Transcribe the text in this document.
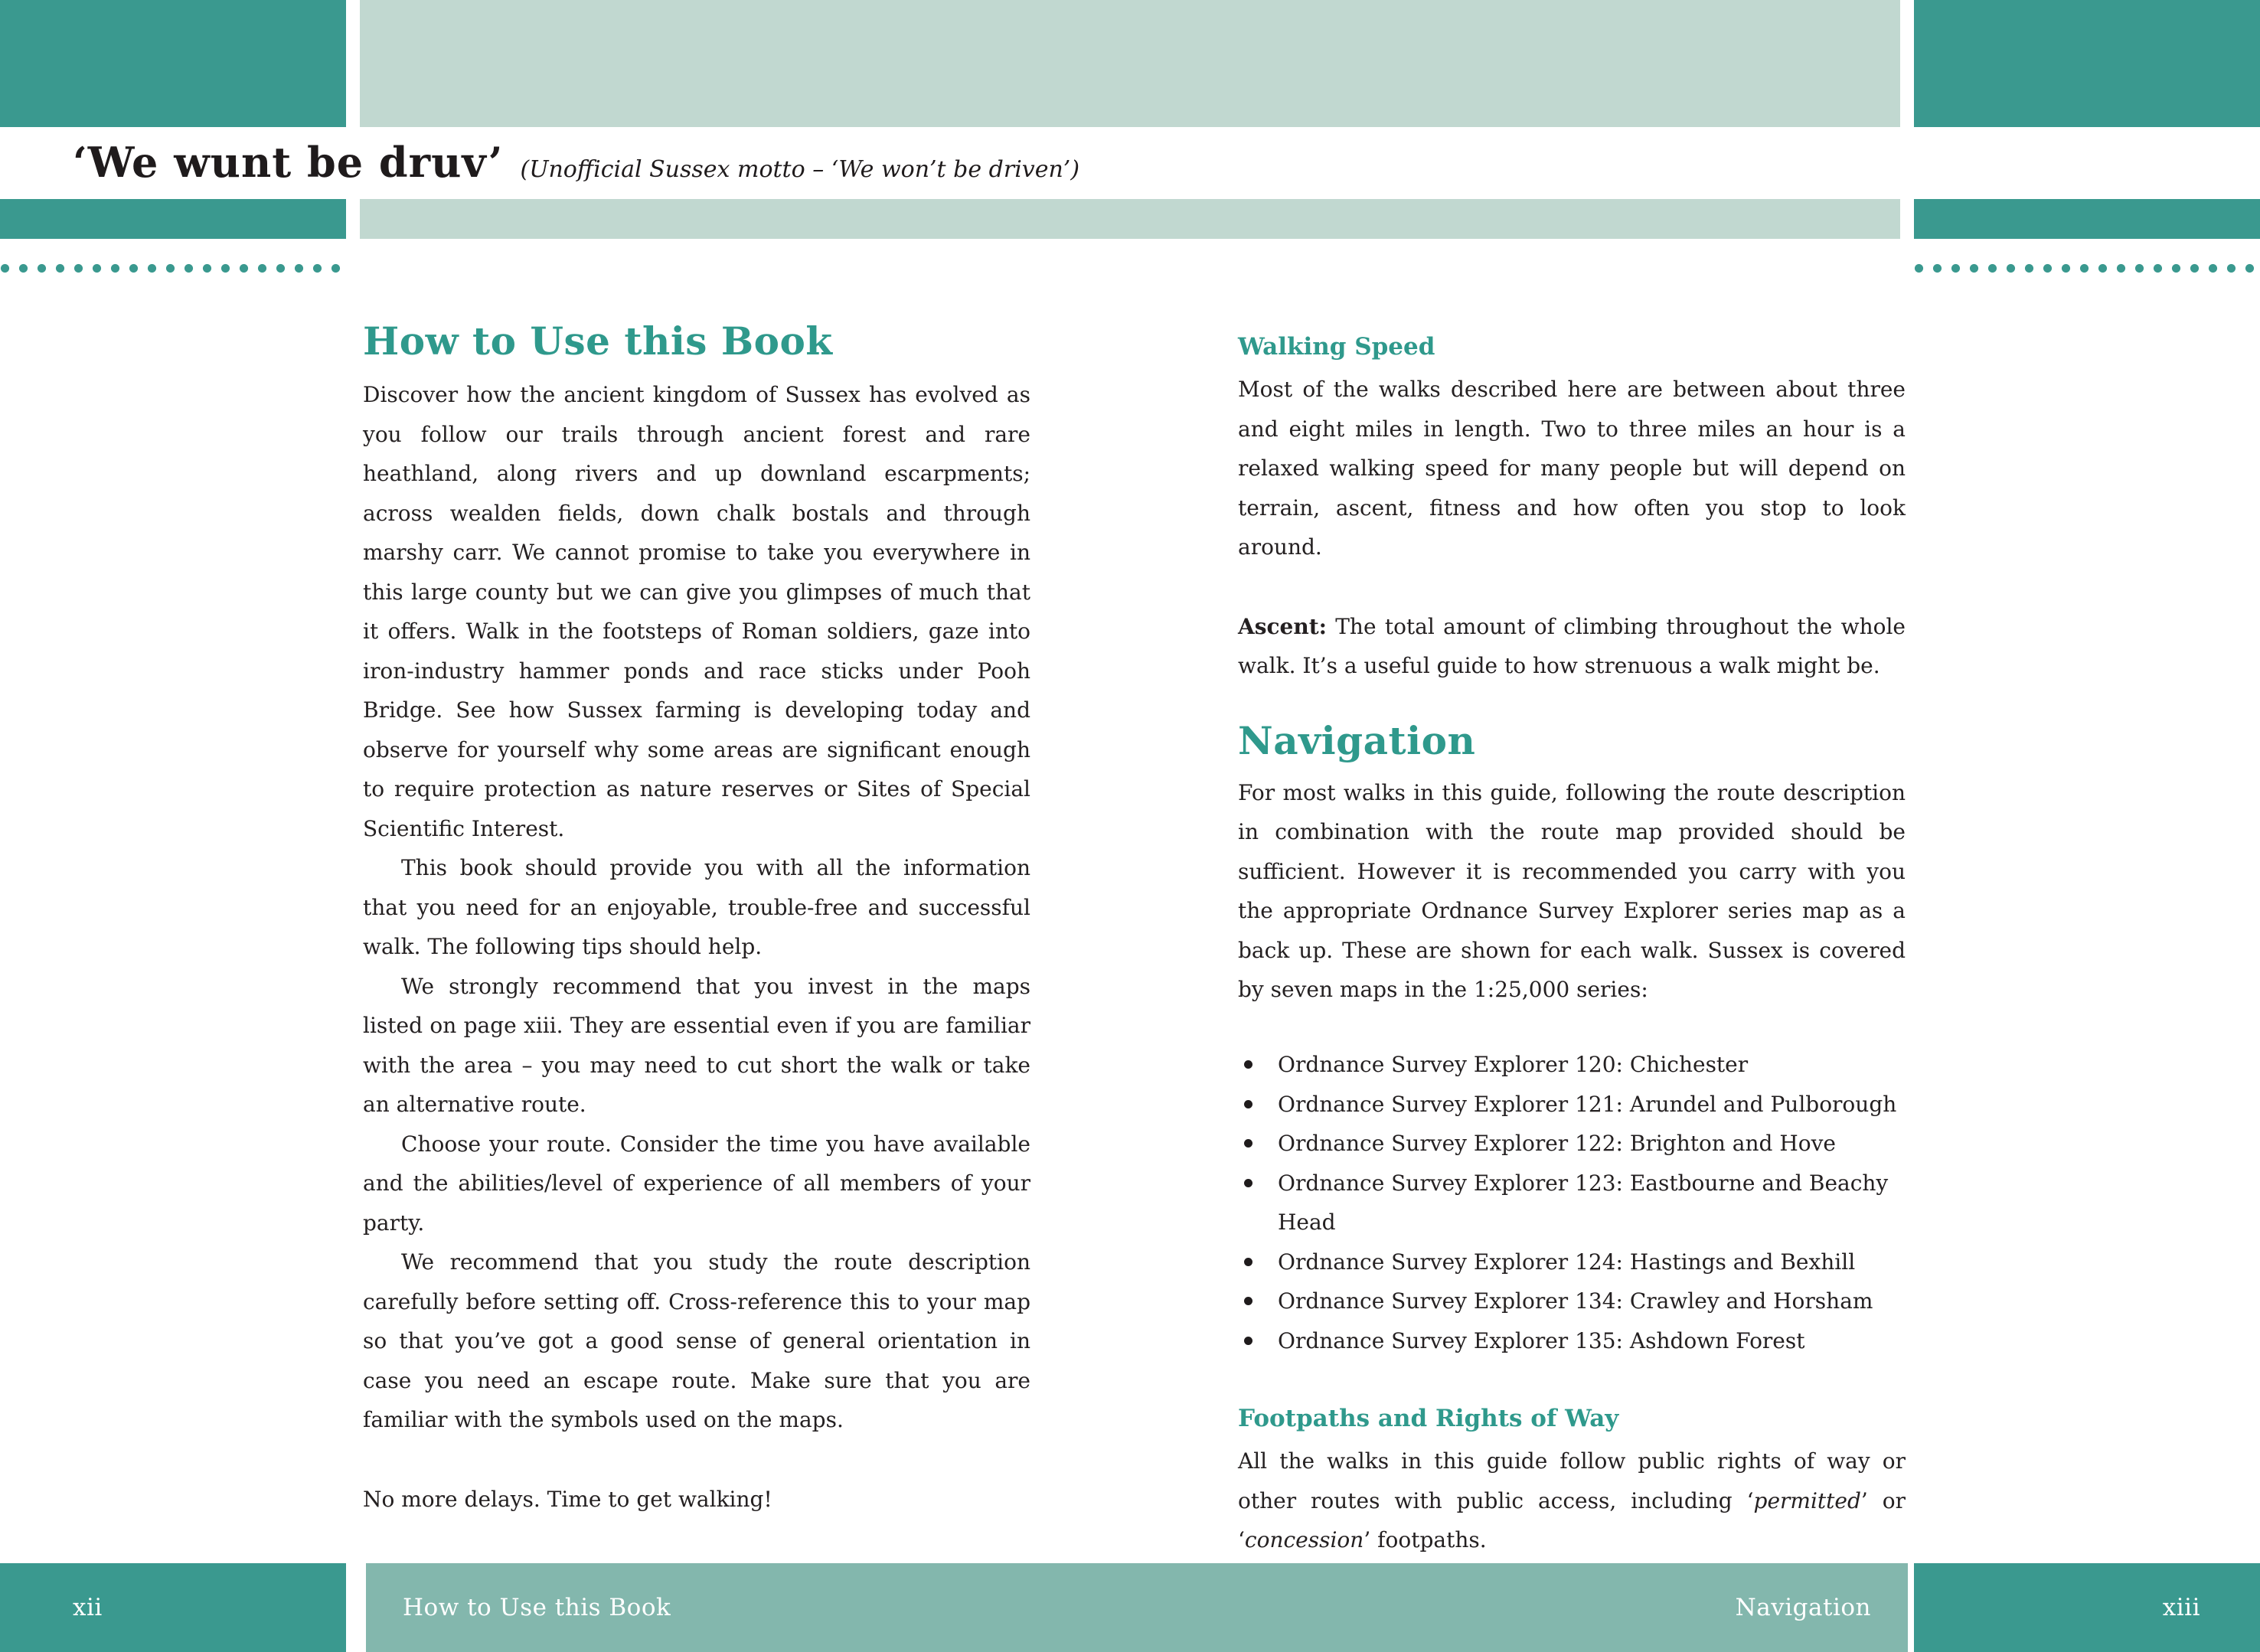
‘We wunt be druv’ (Unofficial Sussex motto – ‘We won’t be driven’)
How to Use this Book

Discover how the ancient kingdom of Sussex has evolved as you follow our trails through ancient forest and rare heathland, along rivers and up downland escarpments; across wealden fields, down chalk bostals and through marshy carr. We cannot promise to take you everywhere in this large county but we can give you glimpses of much that it offers. Walk in the footsteps of Roman soldiers, gaze into iron-industry hammer ponds and race sticks under Pooh Bridge. See how Sussex farming is developing today and observe for yourself why some areas are significant enough to require protection as nature reserves or Sites of Special Scientific Interest.

This book should provide you with all the information that you need for an enjoyable, trouble-free and successful walk. The following tips should help.

We strongly recommend that you invest in the maps listed on page xiii. They are essential even if you are familiar with the area – you may need to cut short the walk or take an alternative route.

Choose your route. Consider the time you have available and the abilities/level of experience of all members of your party.

We recommend that you study the route description carefully before setting off. Cross-reference this to your map so that you’ve got a good sense of general orientation in case you need an escape route. Make sure that you are familiar with the symbols used on the maps.

No more delays. Time to get walking!

Walking Speed

Most of the walks described here are between about three and eight miles in length. Two to three miles an hour is a relaxed walking speed for many people but will depend on terrain, ascent, fitness and how often you stop to look around.

Ascent: The total amount of climbing throughout the whole walk. It’s a useful guide to how strenuous a walk might be.

Navigation

For most walks in this guide, following the route description in combination with the route map provided should be sufficient. However it is recommended you carry with you the appropriate Ordnance Survey Explorer series map as a back up. These are shown for each walk. Sussex is covered by seven maps in the 1:25,000 series:

Ordnance Survey Explorer 120: Chichester
Ordnance Survey Explorer 121: Arundel and Pulborough
Ordnance Survey Explorer 122: Brighton and Hove
Ordnance Survey Explorer 123: Eastbourne and Beachy Head
Ordnance Survey Explorer 124: Hastings and Bexhill
Ordnance Survey Explorer 134: Crawley and Horsham
Ordnance Survey Explorer 135: Ashdown Forest
Footpaths and Rights of Way

All the walks in this guide follow public rights of way or other routes with public access, including ‘permitted’ or ‘concession’ footpaths.

xii	How to Use this Book	Navigation	xiii
